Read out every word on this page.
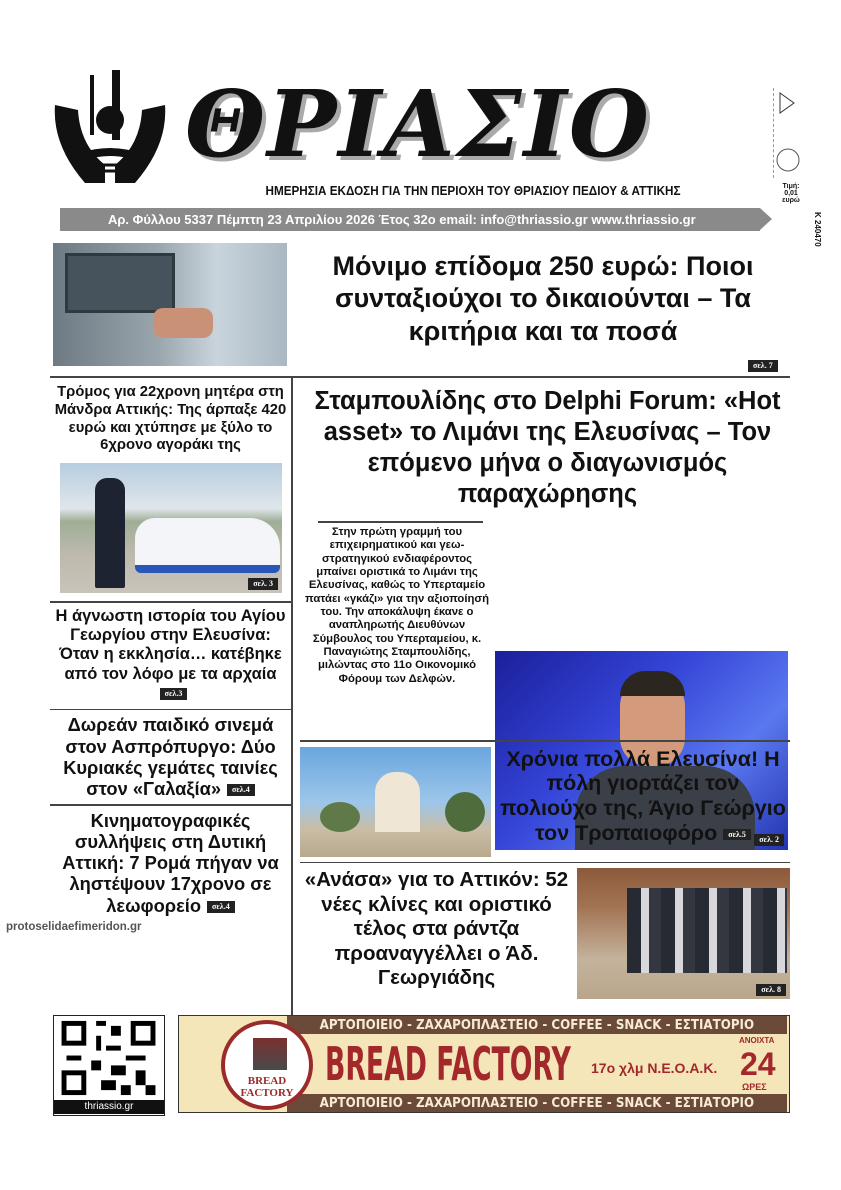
ΘΡΙΑΣΙΟ
ΗΜΕΡΗΣΙΑ ΕΚΔΟΣΗ ΓΙΑ ΤΗΝ ΠΕΡΙΟΧΗ ΤΟΥ ΘΡΙΑΣΙΟΥ ΠΕΔΙΟΥ & ΑΤΤΙΚΗΣ
Αρ. Φύλλου 5337 Πέμπτη 23 Απριλίου 2026 Έτος 32ο email: info@thriassio.gr www.thriassio.gr
Τιμή: 0,01 ευρώ
Κ 240470
Μόνιμο επίδομα 250 ευρώ: Ποιοι συνταξιούχοι το δικαιούνται – Τα κριτήρια και τα ποσά
σελ. 7
Τρόμος για 22χρονη μητέρα στη Μάνδρα Αττικής: Της άρπαξε 420 ευρώ και χτύπησε με ξύλο το 6χρονο αγοράκι της
σελ. 3
Η άγνωστη ιστορία του Αγίου Γεωργίου στην Ελευσίνα: Όταν η εκκλησία… κατέβηκε από τον λόφο με τα αρχαίασελ.3
Δωρεάν παιδικό σινεμά στον Ασπρόπυργο: Δύο Κυριακές γεμάτες ταινίες στον «Γαλαξία» σελ.4
Κινηματογραφικές συλλήψεις στη Δυτική Αττική: 7 Ρομά πήγαν να ληστέψουν 17χρονο σε λεωφορείο σελ.4
protoselidaefimeridon.gr
Σταμπουλίδης στο Delphi Forum: «Hot asset» το Λιμάνι της Ελευσίνας – Τον επόμενο μήνα ο διαγωνισμός παραχώρησης
Στην πρώτη γραμμή του επιχειρηματικού και γεω-στρατηγικού ενδιαφέροντος μπαίνει οριστικά το Λιμάνι της Ελευσίνας, καθώς το Υπερταμείο πατάει «γκάζι» για την αξιοποίησή του. Την αποκάλυψη έκανε ο αναπληρωτής Διευθύνων Σύμβουλος του Υπερταμείου, κ. Παναγιώτης Σταμπουλίδης, μιλώντας στο 11ο Οικονομικό Φόρουμ των Δελφών.
σελ. 2
Χρόνια πολλά Ελευσίνα! Η πόλη γιορτάζει τον πολιούχο της, Άγιο Γεώργιο τον Τροπαιοφόρο σελ.5
«Ανάσα» για το Αττικόν: 52 νέες κλίνες και οριστικό τέλος στα ράντζα προαναγγέλλει ο Άδ. Γεωργιάδης
σελ. 8
thriassio.gr
ΑΡΤΟΠΟΙΕΙΟ - ΖΑΧΑΡΟΠΛΑΣΤΕΙΟ - COFFEE - SNACK - ΕΣΤΙΑΤΟΡΙΟ
ΑΡΤΟΠΟΙΕΙΟ - ΖΑΧΑΡΟΠΛΑΣΤΕΙΟ - COFFEE - SNACK - ΕΣΤΙΑΤΟΡΙΟ
BREAD FACTORY
BREAD FACTORY 17ο χλμ Ν.Ε.Ο.Α.Κ.
ΑΝΟΙΧΤΑ
24
ΩΡΕΣ
